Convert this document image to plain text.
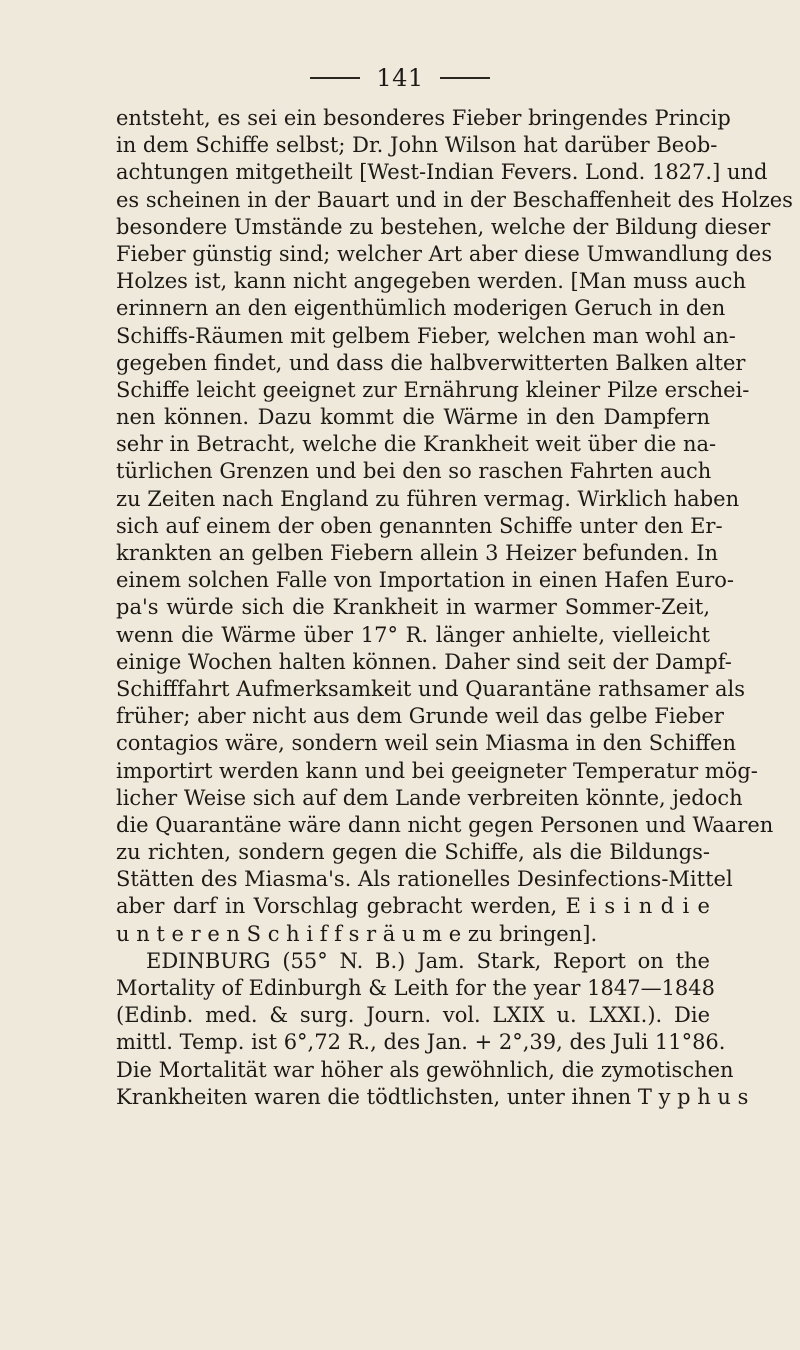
141
entsteht, es sei ein besonderes Fieber bringendes Princip
in dem Schiffe selbst; Dr. John Wilson hat darüber Beob-
achtungen mitgetheilt [West-Indian Fevers. Lond. 1827.] und
es scheinen in der Bauart und in der Beschaffenheit des Holzes
besondere Umstände zu bestehen, welche der Bildung dieser
Fieber günstig sind; welcher Art aber diese Umwandlung des
Holzes ist, kann nicht angegeben werden. [Man muss auch
erinnern an den eigenthümlich moderigen Geruch in den
Schiffs-Räumen mit gelbem Fieber, welchen man wohl an-
gegeben findet, und dass die halbverwitterten Balken alter
Schiffe leicht geeignet zur Ernährung kleiner Pilze erschei-
nen können. Dazu kommt die Wärme in den Dampfern
sehr in Betracht, welche die Krankheit weit über die na-
türlichen Grenzen und bei den so raschen Fahrten auch
zu Zeiten nach England zu führen vermag. Wirklich haben
sich auf einem der oben genannten Schiffe unter den Er-
krankten an gelben Fiebern allein 3 Heizer befunden. In
einem solchen Falle von Importation in einen Hafen Euro-
pa's würde sich die Krankheit in warmer Sommer-Zeit,
wenn die Wärme über 17° R. länger anhielte, vielleicht
einige Wochen halten können. Daher sind seit der Dampf-
Schifffahrt Aufmerksamkeit und Quarantäne rathsamer als
früher; aber nicht aus dem Grunde weil das gelbe Fieber
contagios wäre, sondern weil sein Miasma in den Schiffen
importirt werden kann und bei geeigneter Temperatur mög-
licher Weise sich auf dem Lande verbreiten könnte, jedoch
die Quarantäne wäre dann nicht gegen Personen und Waaren
zu richten, sondern gegen die Schiffe, als die Bildungs-
Stätten des Miasma's. Als rationelles Desinfections-Mittel
aber darf in Vorschlag gebracht werden, E i s i n d i e
u n t e r e n S c h i f f s r ä u m e zu bringen].
EDINBURG (55° N. B.) Jam. Stark, Report on the
Mortality of Edinburgh & Leith for the year 1847—1848
(Edinb. med. & surg. Journ. vol. LXIX u. LXXI.). Die
mittl. Temp. ist 6°,72 R., des Jan. + 2°,39, des Juli 11°86.
Die Mortalität war höher als gewöhnlich, die zymotischen
Krankheiten waren die tödtlichsten, unter ihnen T y p h u s
